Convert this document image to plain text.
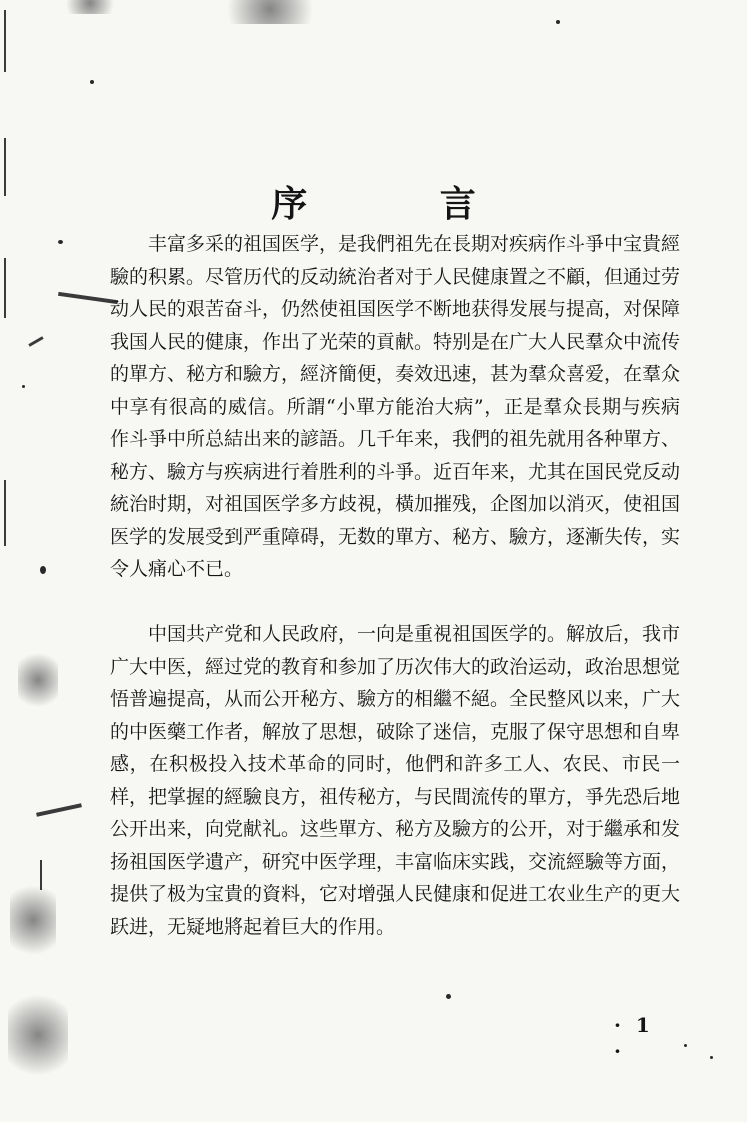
序 言

丰富多采的祖国医学，是我們祖先在長期对疾病作斗爭中宝貴經驗的积累。尽管历代的反动統治者对于人民健康置之不顧，但通过劳动人民的艰苦奋斗，仍然使祖国医学不断地获得发展与提高，对保障我国人民的健康，作出了光荣的貢献。特别是在广大人民羣众中流传的單方、秘方和驗方，經济簡便，奏效迅速，甚为羣众喜爱，在羣众中享有很高的威信。所謂“小單方能治大病”，正是羣众長期与疾病作斗爭中所总結出来的諺語。几千年来，我們的祖先就用各种單方、秘方、驗方与疾病进行着胜利的斗爭。近百年来，尤其在国民党反动統治时期，对祖国医学多方歧視，橫加摧残，企图加以消灭，使祖国医学的发展受到严重障碍，无数的單方、秘方、驗方，逐漸失传，实令人痛心不已。

中国共产党和人民政府，一向是重視祖国医学的。解放后，我市广大中医，經过党的教育和参加了历次伟大的政治运动，政治思想觉悟普遍提高，从而公开秘方、驗方的相繼不絕。全民整风以来，广大的中医藥工作者，解放了思想，破除了迷信，克服了保守思想和自卑感，在积极投入技术革命的同时，他們和許多工人、农民、市民一样，把掌握的經驗良方，祖传秘方，与民間流传的單方，爭先恐后地公开出来，向党献礼。这些單方、秘方及驗方的公开，对于繼承和发扬祖国医学遺产，研究中医学理，丰富临床实践，交流經驗等方面，提供了极为宝貴的資料，它对增强人民健康和促进工农业生产的更大跃进，无疑地將起着巨大的作用。

· 1 ·
